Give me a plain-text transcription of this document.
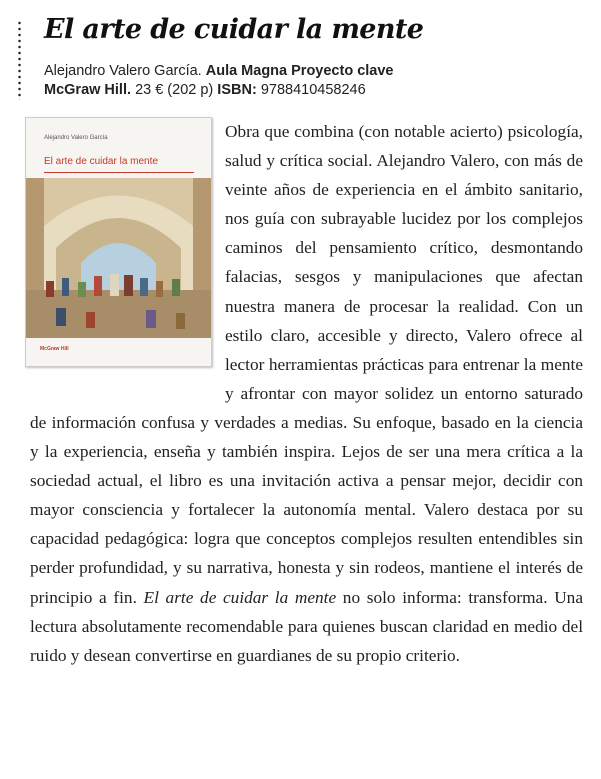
El arte de cuidar la mente
Alejandro Valero García. Aula Magna Proyecto clave
McGraw Hill. 23 € (202 p) ISBN: 9788410458246
Alejandro Valero García
El arte de cuidar la mente
McGraw Hill

Obra que combina (con notable acierto) psicología, salud y crítica social. Alejandro Valero, con más de veinte años de experiencia en el ámbito sanitario, nos guía con subrayable lucidez por los complejos caminos del pensamiento crítico, desmontando falacias, sesgos y manipulaciones que afectan nuestra manera de procesar la realidad. Con un estilo claro, accesible y directo, Valero ofrece al lector herramientas prácticas para entrenar la mente y afrontar con mayor solidez un entorno saturado de información confusa y verdades a medias. Su enfoque, basado en la ciencia y la experiencia, enseña y también inspira. Lejos de ser una mera crítica a la sociedad actual, el libro es una invitación activa a pensar mejor, decidir con mayor consciencia y fortalecer la autonomía mental. Valero destaca por su capacidad pedagógica: logra que conceptos complejos resulten entendibles sin perder profundidad, y su narrativa, honesta y sin rodeos, mantiene el interés de principio a fin. El arte de cuidar la mente no solo informa: transforma. Una lectura absolutamente recomendable para quienes buscan claridad en medio del ruido y desean convertirse en guardianes de su propio criterio.
